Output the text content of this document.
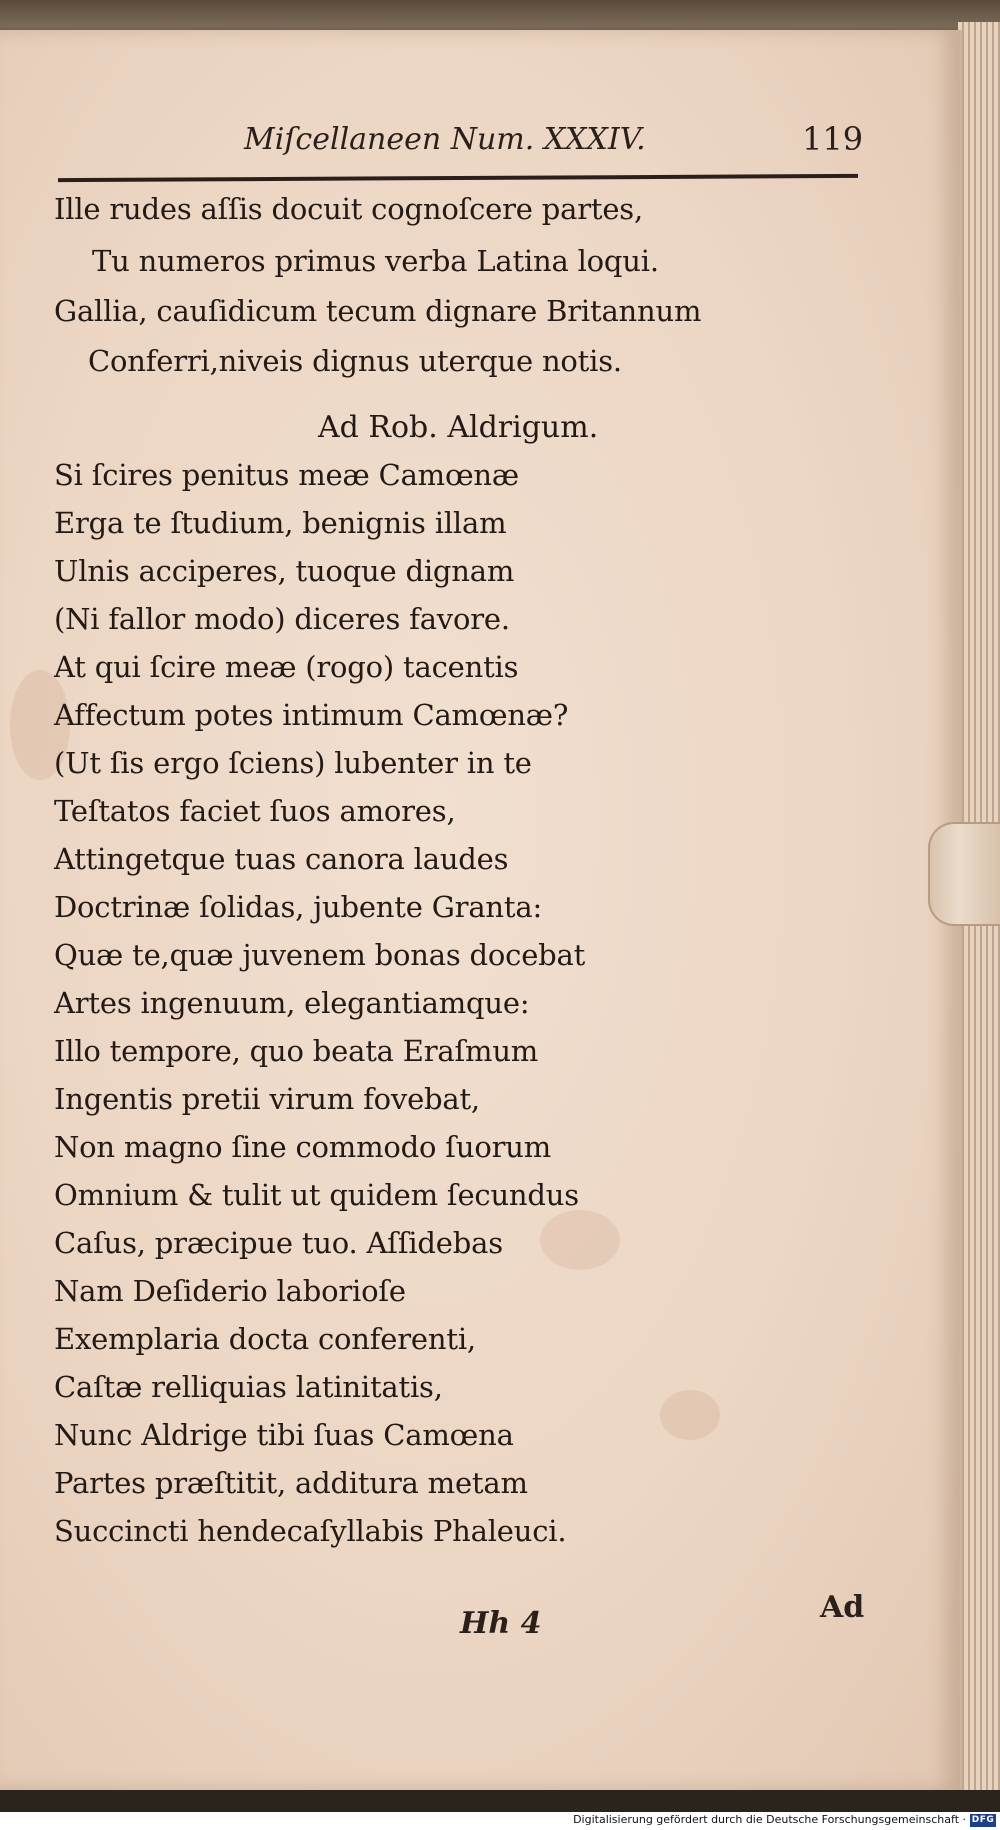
Miſcellaneen Num. XXXIV.	119
Ille rudes aſſis docuit cognoſcere partes,
Tu numeros primus verba Latina loqui.
Gallia, cauſidicum tecum dignare Britannum
Conferri,niveis dignus uterque notis.
Ad Rob. Aldrigum.
Si ſcires penitus meæ Camœnæ
Erga te ſtudium, benignis illam
Ulnis acciperes, tuoque dignam
(Ni fallor modo) diceres favore.
At qui ſcire meæ (rogo) tacentis
Affectum potes intimum Camœnæ?
(Ut ſis ergo ſciens) lubenter in te
Teſtatos faciet ſuos amores,
Attingetque tuas canora laudes
Doctrinæ ſolidas, jubente Granta:
Quæ te,quæ juvenem bonas docebat
Artes ingenuum, elegantiamque:
Illo tempore, quo beata Eraſmum
Ingentis pretii virum fovebat,
Non magno ſine commodo ſuorum
Omnium & tulit ut quidem ſecundus
Caſus, præcipue tuo. Aſſidebas
Nam Deſiderio laborioſe
Exemplaria docta conferenti,
Caſtæ relliquias latinitatis,
Nunc Aldrige tibi ſuas Camœna
Partes præſtitit, additura metam
Succincti hendecaſyllabis Phaleuci.
Ad
Hh 4
Digitalisierung gefördert durch die Deutsche Forschungsgemeinschaft · DFG
